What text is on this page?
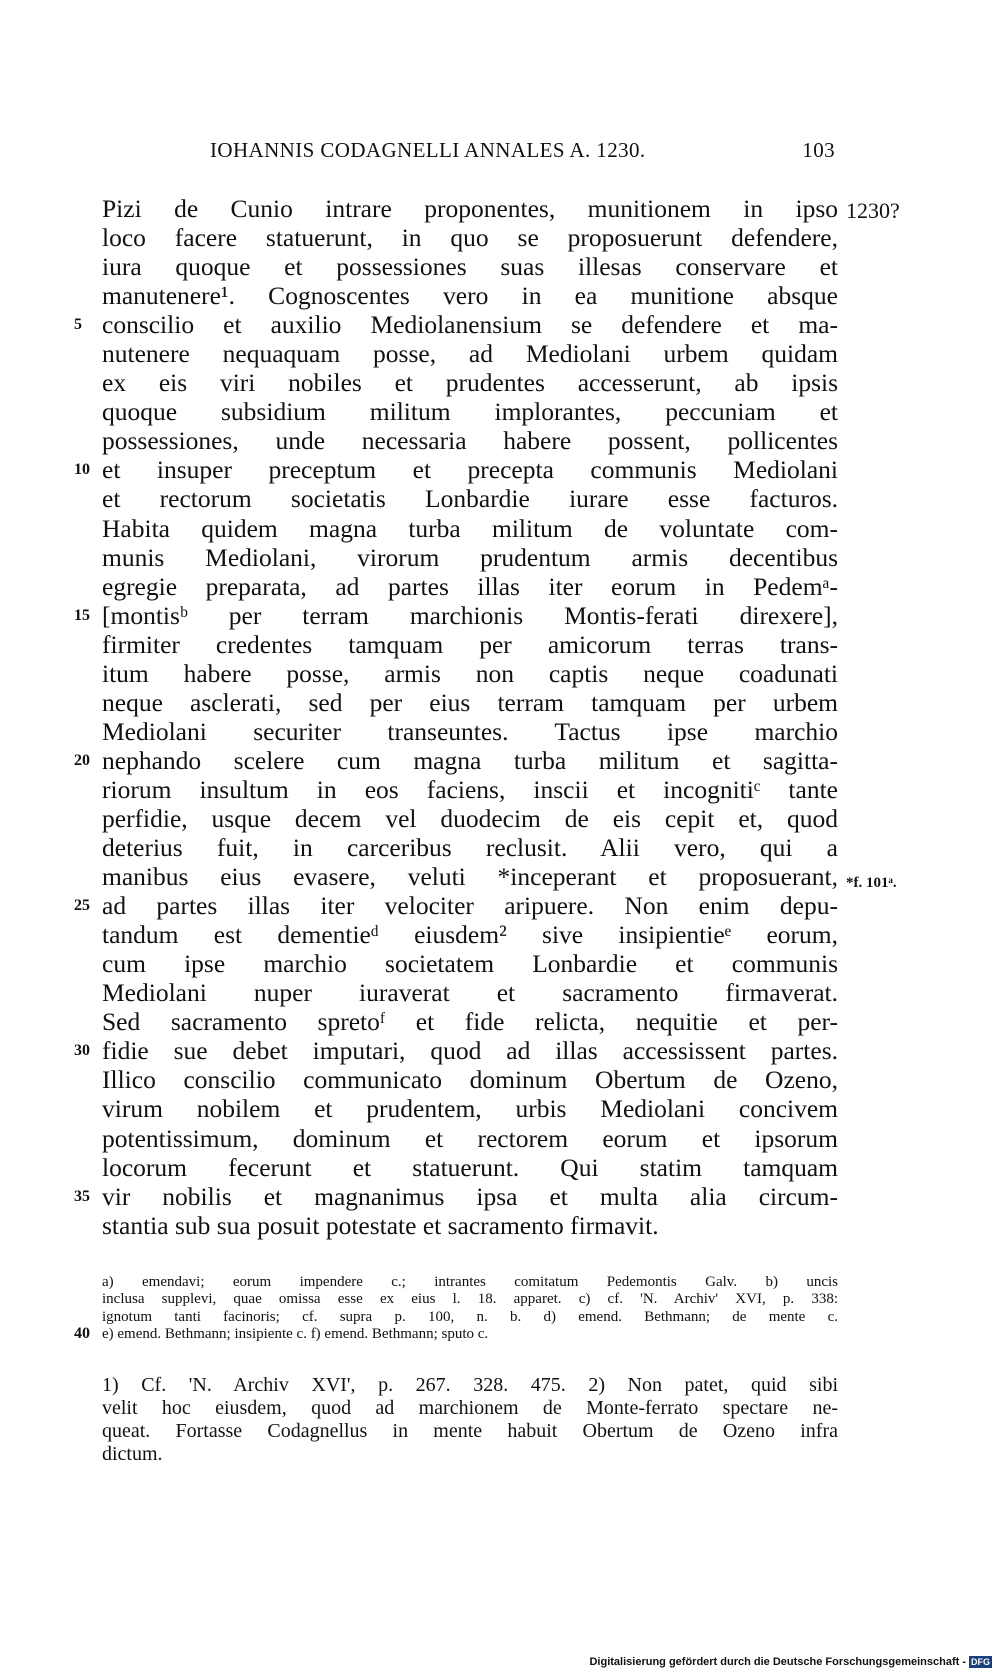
IOHANNIS CODAGNELLI ANNALES A. 1230.	103
Pizi de Cunio intrare proponentes, munitionem in ipso
loco facere statuerunt, in quo se proposuerunt defendere,
iura quoque et possessiones suas illesas conservare et
manutenere¹. Cognoscentes vero in ea munitione absque
conscilio et auxilio Mediolanensium se defendere et ma-
nutenere nequaquam posse, ad Mediolani urbem quidam
ex eis viri nobiles et prudentes accesserunt, ab ipsis
quoque subsidium militum implorantes, peccuniam et
possessiones, unde necessaria habere possent, pollicentes
et insuper preceptum et precepta communis Mediolani
et rectorum societatis Lonbardie iurare esse facturos.
Habita quidem magna turba militum de voluntate com-
munis Mediolani, virorum prudentum armis decentibus
egregie preparata, ad partes illas iter eorum in Pedemᵃ-
[montisᵇ per terram marchionis Montis-ferati direxere],
firmiter credentes tamquam per amicorum terras trans-
itum habere posse, armis non captis neque coadunati
neque asclerati, sed per eius terram tamquam per urbem
Mediolani securiter transeuntes. Tactus ipse marchio
nephando scelere cum magna turba militum et sagitta-
riorum insultum in eos faciens, inscii et incognitiᶜ tante
perfidie, usque decem vel duodecim de eis cepit et, quod
deterius fuit, in carceribus reclusit. Alii vero, qui a
manibus eius evasere, veluti *inceperant et proposuerant,
ad partes illas iter velociter aripuere. Non enim depu-
tandum est dementieᵈ eiusdem² sive insipientieᵉ eorum,
cum ipse marchio societatem Lonbardie et communis
Mediolani nuper iuraverat et sacramento firmaverat.
Sed sacramento spretoᶠ et fide relicta, nequitie et per-
fidie sue debet imputari, quod ad illas accessissent partes.
Illico conscilio communicato dominum Obertum de Ozeno,
virum nobilem et prudentem, urbis Mediolani concivem
potentissimum, dominum et rectorem eorum et ipsorum
locorum fecerunt et statuerunt. Qui statim tamquam
vir nobilis et magnanimus ipsa et multa alia circum-
stantia sub sua posuit potestate et sacramento firmavit.
5
10
15
20
25
30
35
1230?
*f. 101ᵃ.
a) emendavi; eorum impendere c.; intrantes comitatum Pedemontis Galv. b) uncis
inclusa supplevi, quae omissa esse ex eius l. 18. apparet. c) cf. 'N. Archiv' XVI, p. 338:
ignotum tanti facinoris; cf. supra p. 100, n. b. d) emend. Bethmann; de mente c.
e) emend. Bethmann; insipiente c. f) emend. Bethmann; sputo c.
40
1) Cf. 'N. Archiv XVI', p. 267. 328. 475. 2) Non patet, quid sibi
velit hoc eiusdem, quod ad marchionem de Monte-ferrato spectare ne-
queat. Fortasse Codagnellus in mente habuit Obertum de Ozeno infra
dictum.
Digitalisierung gefördert durch die Deutsche Forschungsgemeinschaft - DFG
